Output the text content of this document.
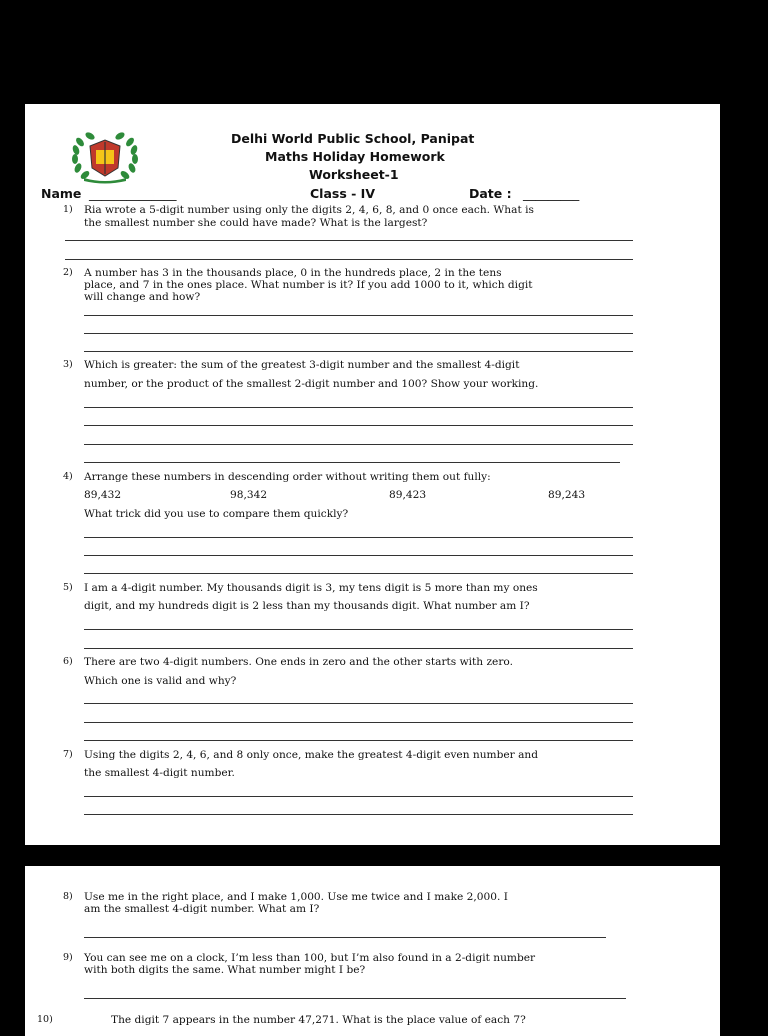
Delhi World Public School, Panipat
Maths Holiday Homework
Worksheet-1
Name ______________	Class - IV	Date : _________
1) Ria wrote a 5-digit number using only the digits 2, 4, 6, 8, and 0 once each. What is
the smallest number she could have made? What is the largest?
2) A number has 3 in the thousands place, 0 in the hundreds place, 2 in the tens
place, and 7 in the ones place. What number is it? If you add 1000 to it, which digit
will change and how?
3) Which is greater: the sum of the greatest 3-digit number and the smallest 4-digit
number, or the product of the smallest 2-digit number and 100? Show your working.
4) Arrange these numbers in descending order without writing them out fully:
89,432	98,342	89,423	89,243
What trick did you use to compare them quickly?
5) I am a 4-digit number. My thousands digit is 3, my tens digit is 5 more than my ones
digit, and my hundreds digit is 2 less than my thousands digit. What number am I?
6) There are two 4-digit numbers. One ends in zero and the other starts with zero.
Which one is valid and why?
7) Using the digits 2, 4, 6, and 8 only once, make the greatest 4-digit even number and
the smallest 4-digit number.
8) Use me in the right place, and I make 1,000. Use me twice and I make 2,000. I
am the smallest 4-digit number. What am I?
9) You can see me on a clock, I’m less than 100, but I’m also found in a 2-digit number
with both digits the same. What number might I be?
10)	The digit 7 appears in the number 47,271. What is the place value of each 7?
